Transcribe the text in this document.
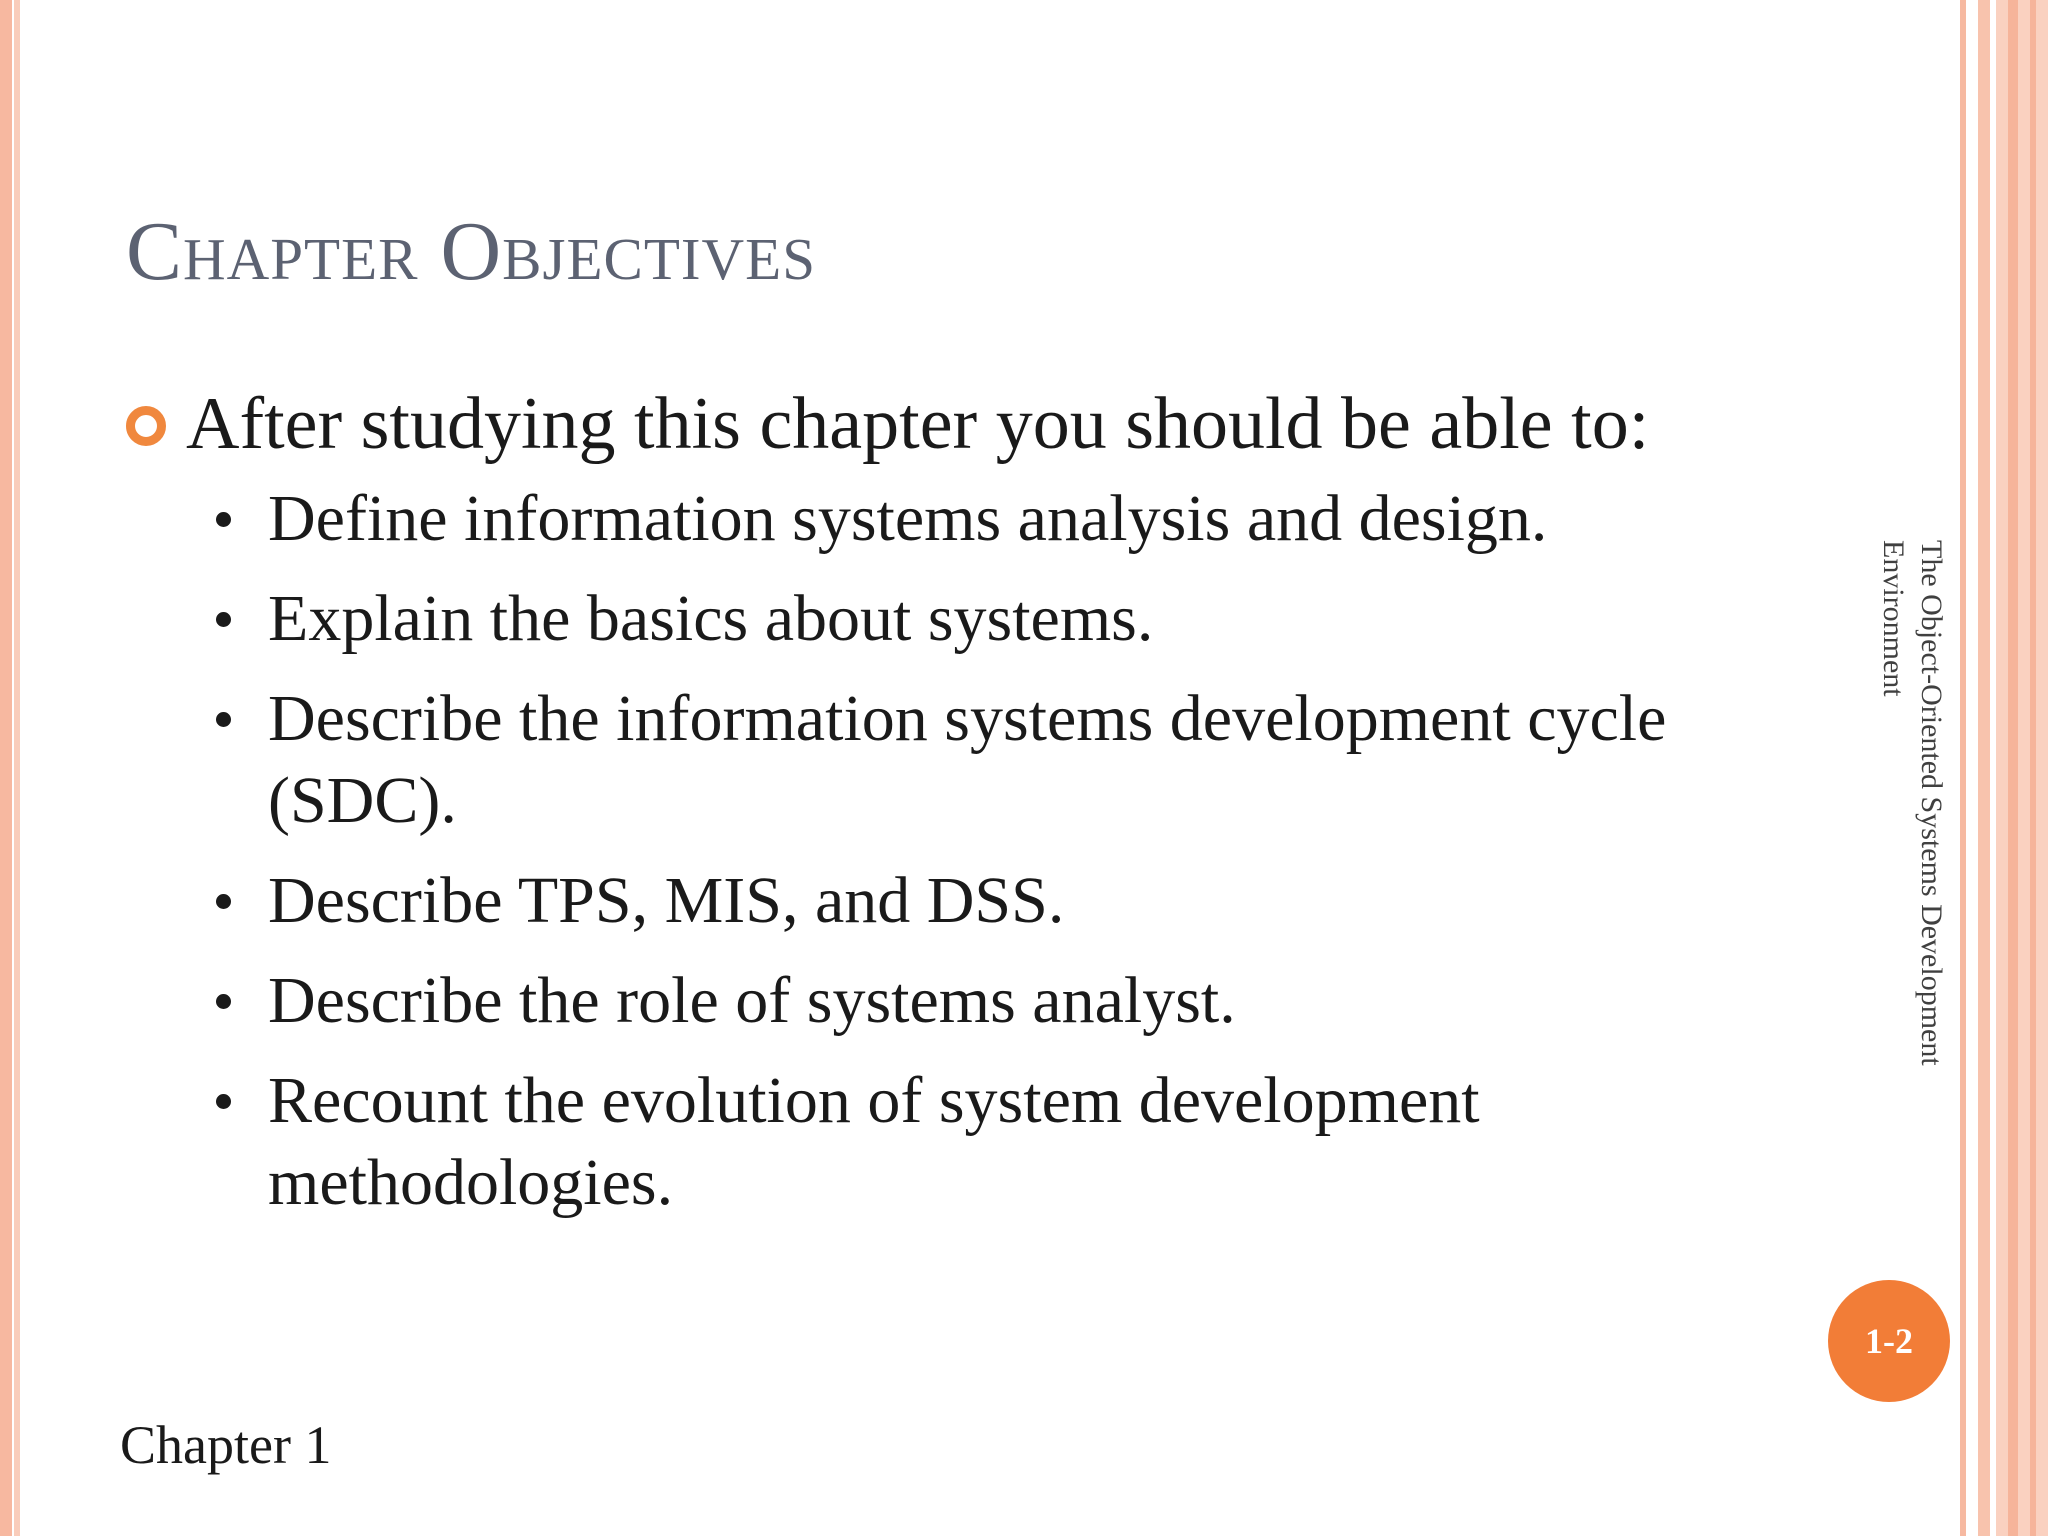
Chapter Objectives

After studying this chapter you should be able to:

Define information systems analysis and design.
Explain the basics about systems.
Describe the information systems development cycle (SDC).
Describe TPS, MIS, and DSS.
Describe the role of systems analyst.
Recount the evolution of system development methodologies.
Chapter 1
The Object-Oriented Systems Development Environment
1-2
